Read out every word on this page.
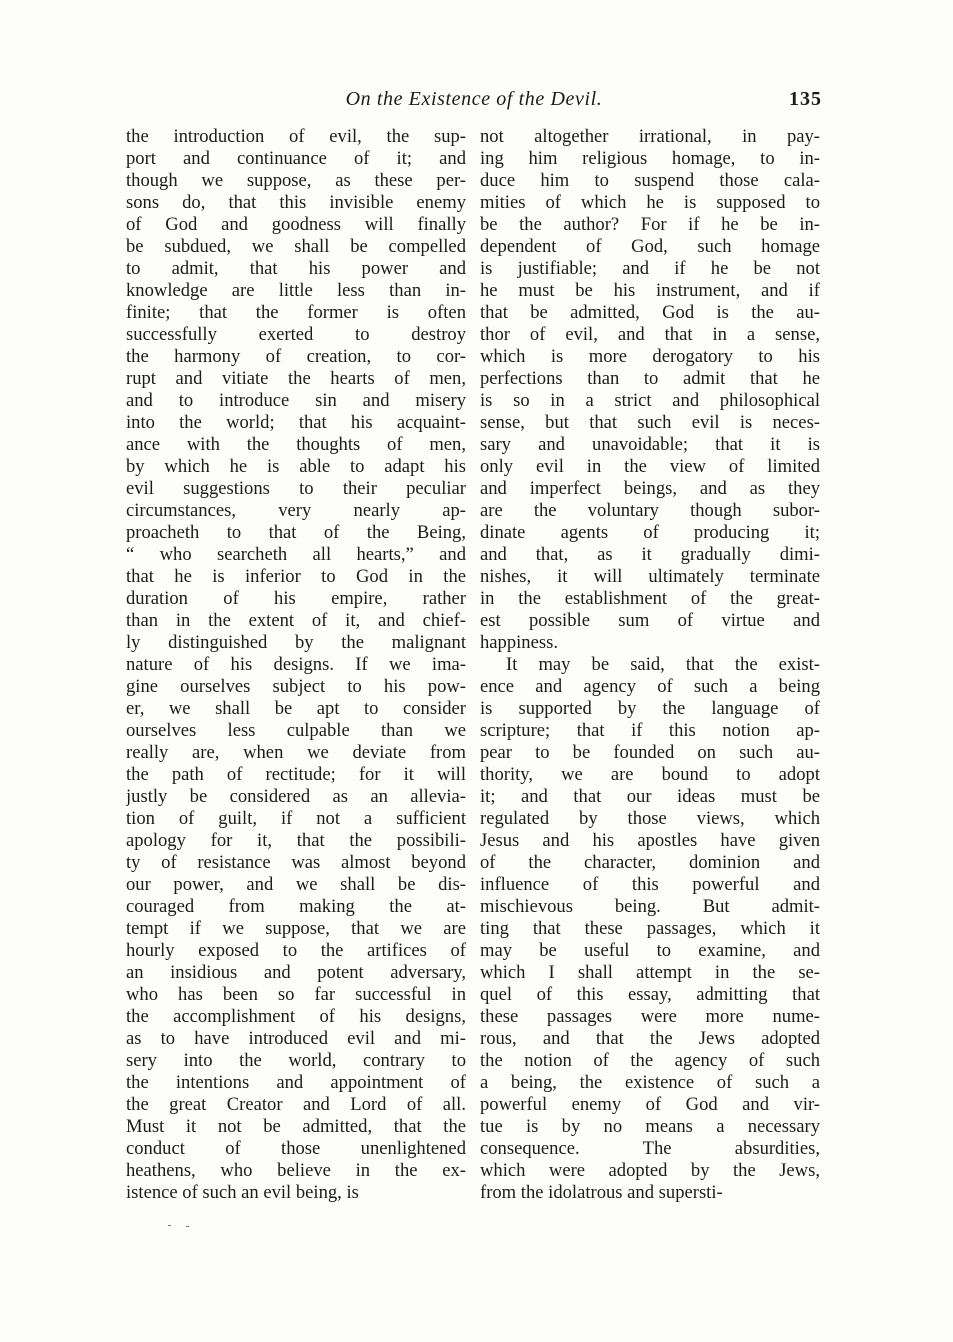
On the Existence of the Devil.	135
the introduction of evil, the sup-
port and continuance of it; and
though we suppose, as these per-
sons do, that this invisible enemy
of God and goodness will finally
be subdued, we shall be compelled
to admit, that his power and
knowledge are little less than in-
finite; that the former is often
successfully exerted to destroy
the harmony of creation, to cor-
rupt and vitiate the hearts of men,
and to introduce sin and misery
into the world; that his acquaint-
ance with the thoughts of men,
by which he is able to adapt his
evil suggestions to their peculiar
circumstances, very nearly ap-
proacheth to that of the Being,
“ who searcheth all hearts,” and
that he is inferior to God in the
duration of his empire, rather
than in the extent of it, and chief-
ly distinguished by the malignant
nature of his designs. If we ima-
gine ourselves subject to his pow-
er, we shall be apt to consider
ourselves less culpable than we
really are, when we deviate from
the path of rectitude; for it will
justly be considered as an allevia-
tion of guilt, if not a sufficient
apology for it, that the possibili-
ty of resistance was almost beyond
our power, and we shall be dis-
couraged from making the at-
tempt if we suppose, that we are
hourly exposed to the artifices of
an insidious and potent adversary,
who has been so far successful in
the accomplishment of his designs,
as to have introduced evil and mi-
sery into the world, contrary to
the intentions and appointment of
the great Creator and Lord of all.
Must it not be admitted, that the
conduct of those unenlightened
heathens, who believe in the ex-
istence of such an evil being, is
not altogether irrational, in pay-
ing him religious homage, to in-
duce him to suspend those cala-
mities of which he is supposed to
be the author? For if he be in-
dependent of God, such homage
is justifiable; and if he be not
he must be his instrument, and if
that be admitted, God is the au-
thor of evil, and that in a sense,
which is more derogatory to his
perfections than to admit that he
is so in a strict and philosophical
sense, but that such evil is neces-
sary and unavoidable; that it is
only evil in the view of limited
and imperfect beings, and as they
are the voluntary though subor-
dinate agents of producing it;
and that, as it gradually dimi-
nishes, it will ultimately terminate
in the establishment of the great-
est possible sum of virtue and
happiness.
It may be said, that the exist-
ence and agency of such a being
is supported by the language of
scripture; that if this notion ap-
pear to be founded on such au-
thority, we are bound to adopt
it; and that our ideas must be
regulated by those views, which
Jesus and his apostles have given
of the character, dominion and
influence of this powerful and
mischievous being. But admit-
ting that these passages, which it
may be useful to examine, and
which I shall attempt in the se-
quel of this essay, admitting that
these passages were more nume-
rous, and that the Jews adopted
the notion of the agency of such
a being, the existence of such a
powerful enemy of God and vir-
tue is by no means a necessary
consequence. The absurdities,
which were adopted by the Jews,
from the idolatrous and supersti-
